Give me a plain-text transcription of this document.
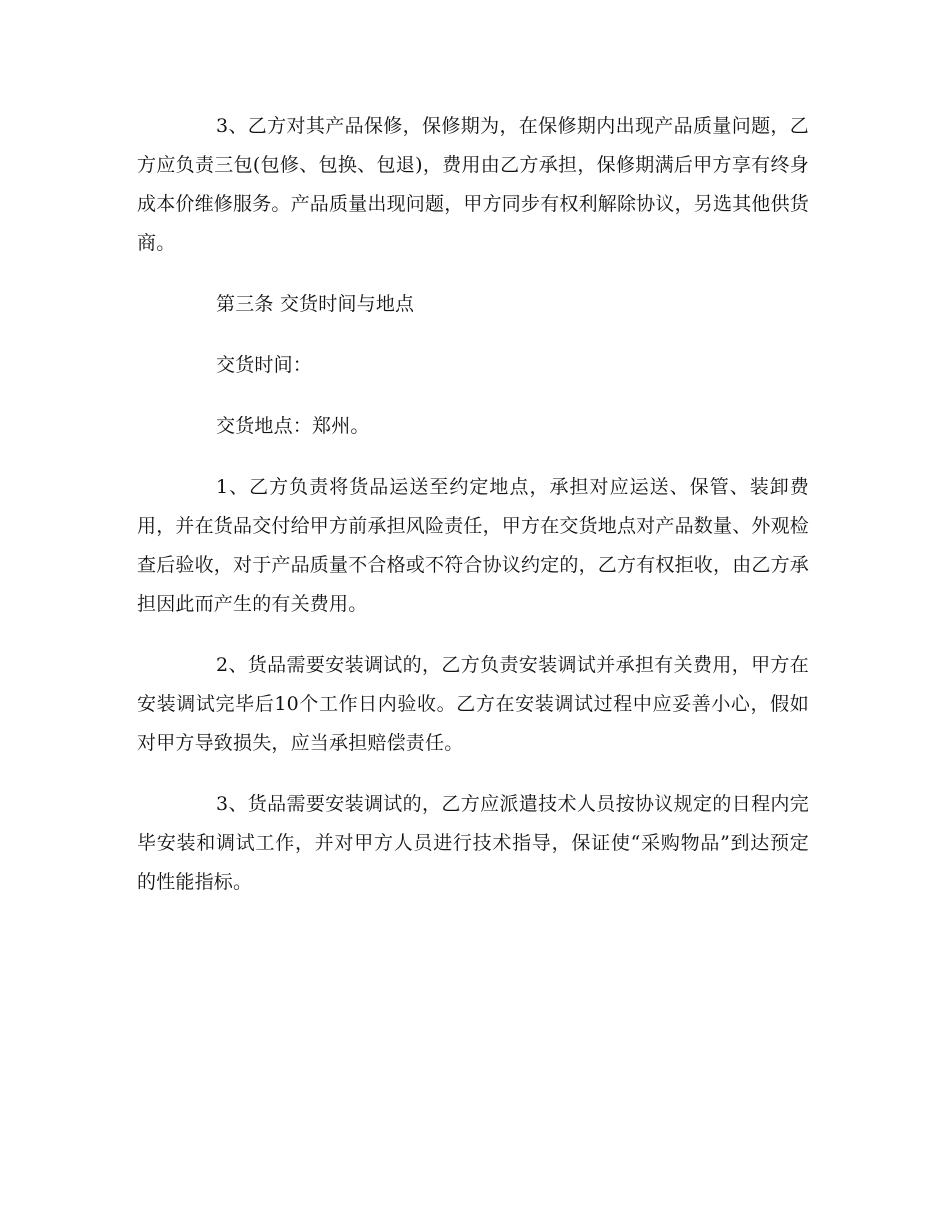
3、乙方对其产品保修，保修期为，在保修期内出现产品质量问题，乙方应负责三包(包修、包换、包退)，费用由乙方承担，保修期满后甲方享有终身成本价维修服务。产品质量出现问题，甲方同步有权利解除协议，另选其他供货商。

第三条 交货时间与地点

交货时间：

交货地点：郑州。

1、乙方负责将货品运送至约定地点，承担对应运送、保管、装卸费用，并在货品交付给甲方前承担风险责任，甲方在交货地点对产品数量、外观检查后验收，对于产品质量不合格或不符合协议约定的，乙方有权拒收，由乙方承担因此而产生的有关费用。

2、货品需要安装调试的，乙方负责安装调试并承担有关费用，甲方在安装调试完毕后10个工作日内验收。乙方在安装调试过程中应妥善小心，假如对甲方导致损失，应当承担赔偿责任。

3、货品需要安装调试的，乙方应派遣技术人员按协议规定的日程内完毕安装和调试工作，并对甲方人员进行技术指导，保证使“采购物品”到达预定的性能指标。
